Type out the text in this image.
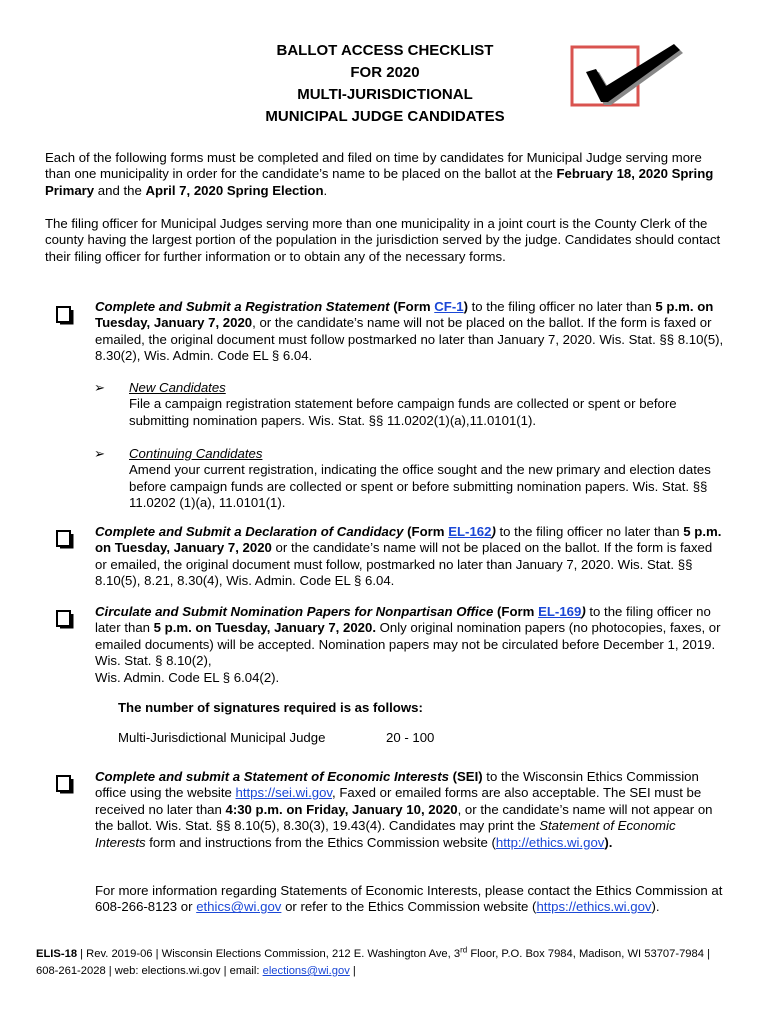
BALLOT ACCESS CHECKLIST
FOR 2020
MULTI-JURISDICTIONAL
MUNICIPAL JUDGE CANDIDATES
Each of the following forms must be completed and filed on time by candidates for Municipal Judge serving more than one municipality in order for the candidate’s name to be placed on the ballot at the February 18, 2020 Spring Primary and the April 7, 2020 Spring Election.
The filing officer for Municipal Judges serving more than one municipality in a joint court is the County Clerk of the county having the largest portion of the population in the jurisdiction served by the judge. Candidates should contact their filing officer for further information or to obtain any of the necessary forms.
Complete and Submit a Registration Statement (Form CF-1) to the filing officer no later than 5 p.m. on Tuesday, January 7, 2020, or the candidate’s name will not be placed on the ballot. If the form is faxed or emailed, the original document must follow postmarked no later than January 7, 2020. Wis. Stat. §§ 8.10(5), 8.30(2), Wis. Admin. Code EL § 6.04.
➢ New Candidates
File a campaign registration statement before campaign funds are collected or spent or before submitting nomination papers. Wis. Stat. §§ 11.0202(1)(a),11.0101(1).
➢ Continuing Candidates
Amend your current registration, indicating the office sought and the new primary and election dates before campaign funds are collected or spent or before submitting nomination papers. Wis. Stat. §§ 11.0202 (1)(a), 11.0101(1).
Complete and Submit a Declaration of Candidacy (Form EL-162) to the filing officer no later than 5 p.m. on Tuesday, January 7, 2020 or the candidate’s name will not be placed on the ballot. If the form is faxed or emailed, the original document must follow, postmarked no later than January 7, 2020. Wis. Stat. §§ 8.10(5), 8.21, 8.30(4), Wis. Admin. Code EL § 6.04.
Circulate and Submit Nomination Papers for Nonpartisan Office (Form EL-169) to the filing officer no later than 5 p.m. on Tuesday, January 7, 2020. Only original nomination papers (no photocopies, faxes, or emailed documents) will be accepted. Nomination papers may not be circulated before December 1, 2019. Wis. Stat. § 8.10(2),
Wis. Admin. Code EL § 6.04(2).
The number of signatures required is as follows:
Multi-Jurisdictional Municipal Judge	20 - 100
Complete and submit a Statement of Economic Interests (SEI) to the Wisconsin Ethics Commission office using the website https://sei.wi.gov, Faxed or emailed forms are also acceptable. The SEI must be received no later than 4:30 p.m. on Friday, January 10, 2020, or the candidate’s name will not appear on the ballot. Wis. Stat. §§ 8.10(5), 8.30(3), 19.43(4). Candidates may print the Statement of Economic Interests form and instructions from the Ethics Commission website (http://ethics.wi.gov).
For more information regarding Statements of Economic Interests, please contact the Ethics Commission at 608-266-8123 or ethics@wi.gov or refer to the Ethics Commission website (https://ethics.wi.gov).
ELIS-18 | Rev. 2019-06 | Wisconsin Elections Commission, 212 E. Washington Ave, 3rd Floor, P.O. Box 7984, Madison, WI 53707-7984 |
608-261-2028 | web: elections.wi.gov | email: elections@wi.gov |
